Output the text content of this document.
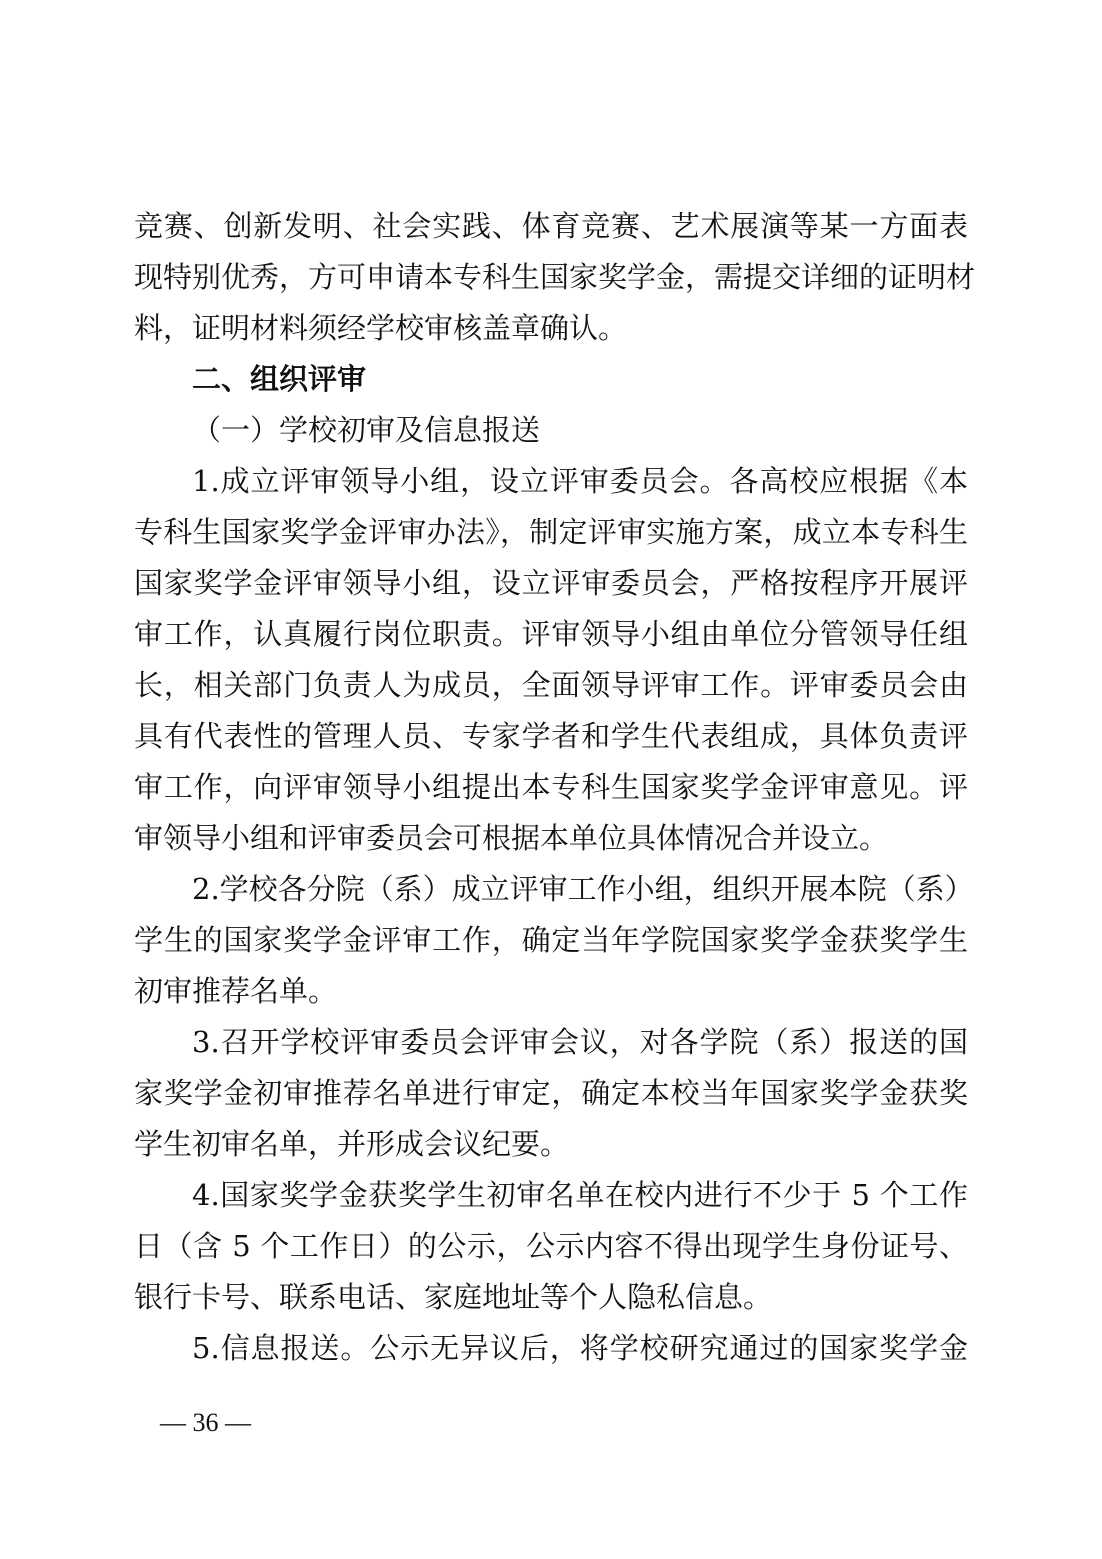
竞赛、创新发明、社会实践、体育竞赛、艺术展演等某一方面表
现特别优秀，方可申请本专科生国家奖学金，需提交详细的证明材
料，证明材料须经学校审核盖章确认。
二、组织评审
（一）学校初审及信息报送
1.成立评审领导小组，设立评审委员会。各高校应根据《本
专科生国家奖学金评审办法》，制定评审实施方案，成立本专科生
国家奖学金评审领导小组，设立评审委员会，严格按程序开展评
审工作，认真履行岗位职责。评审领导小组由单位分管领导任组
长，相关部门负责人为成员，全面领导评审工作。评审委员会由
具有代表性的管理人员、专家学者和学生代表组成，具体负责评
审工作，向评审领导小组提出本专科生国家奖学金评审意见。评
审领导小组和评审委员会可根据本单位具体情况合并设立。
2.学校各分院（系）成立评审工作小组，组织开展本院（系）
学生的国家奖学金评审工作，确定当年学院国家奖学金获奖学生
初审推荐名单。
3.召开学校评审委员会评审会议，对各学院（系）报送的国
家奖学金初审推荐名单进行审定，确定本校当年国家奖学金获奖
学生初审名单，并形成会议纪要。
4.国家奖学金获奖学生初审名单在校内进行不少于 5 个工作
日（含 5 个工作日）的公示，公示内容不得出现学生身份证号、
银行卡号、联系电话、家庭地址等个人隐私信息。
5.信息报送。公示无异议后，将学校研究通过的国家奖学金
— 36 —
